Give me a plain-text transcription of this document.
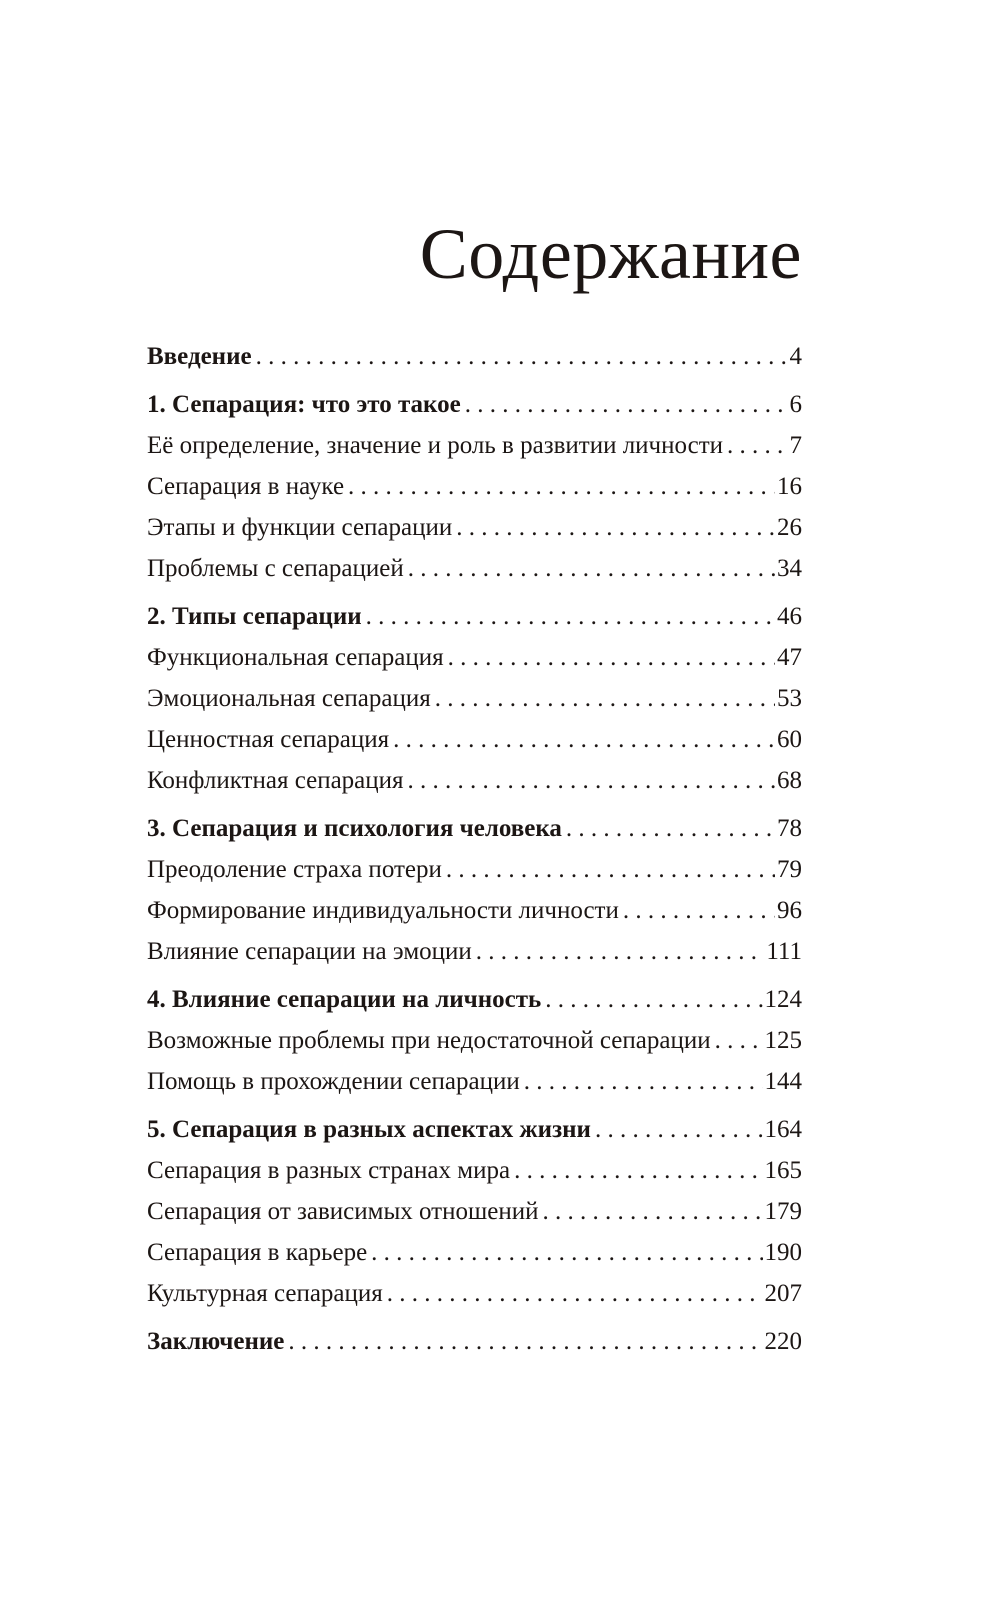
Содержание
Введение . . .	4
1. Сепарация: что это такое . . .	6
Её определение, значение и роль в развитии личности . . .	7
Сепарация в науке . . .	16
Этапы и функции сепарации . . .	26
Проблемы с сепарацией . . .	34
2. Типы сепарации . . .	46
Функциональная сепарация . . .	47
Эмоциональная сепарация . . .	53
Ценностная сепарация . . .	60
Конфликтная сепарация . . .	68
3. Сепарация и психология человека . . .	78
Преодоление страха потери . . .	79
Формирование индивидуальности личности . . .	96
Влияние сепарации на эмоции . . .	111
4. Влияние сепарации на личность . . .	124
Возможные проблемы при недостаточной сепарации . . . 125
Помощь в прохождении сепарации . . .	144
5. Сепарация в разных аспектах жизни . . .	164
Сепарация в разных странах мира . . .	165
Сепарация от зависимых отношений . . .	179
Сепарация в карьере . . .	190
Культурная сепарация . . .	207
Заключение . . .	220
